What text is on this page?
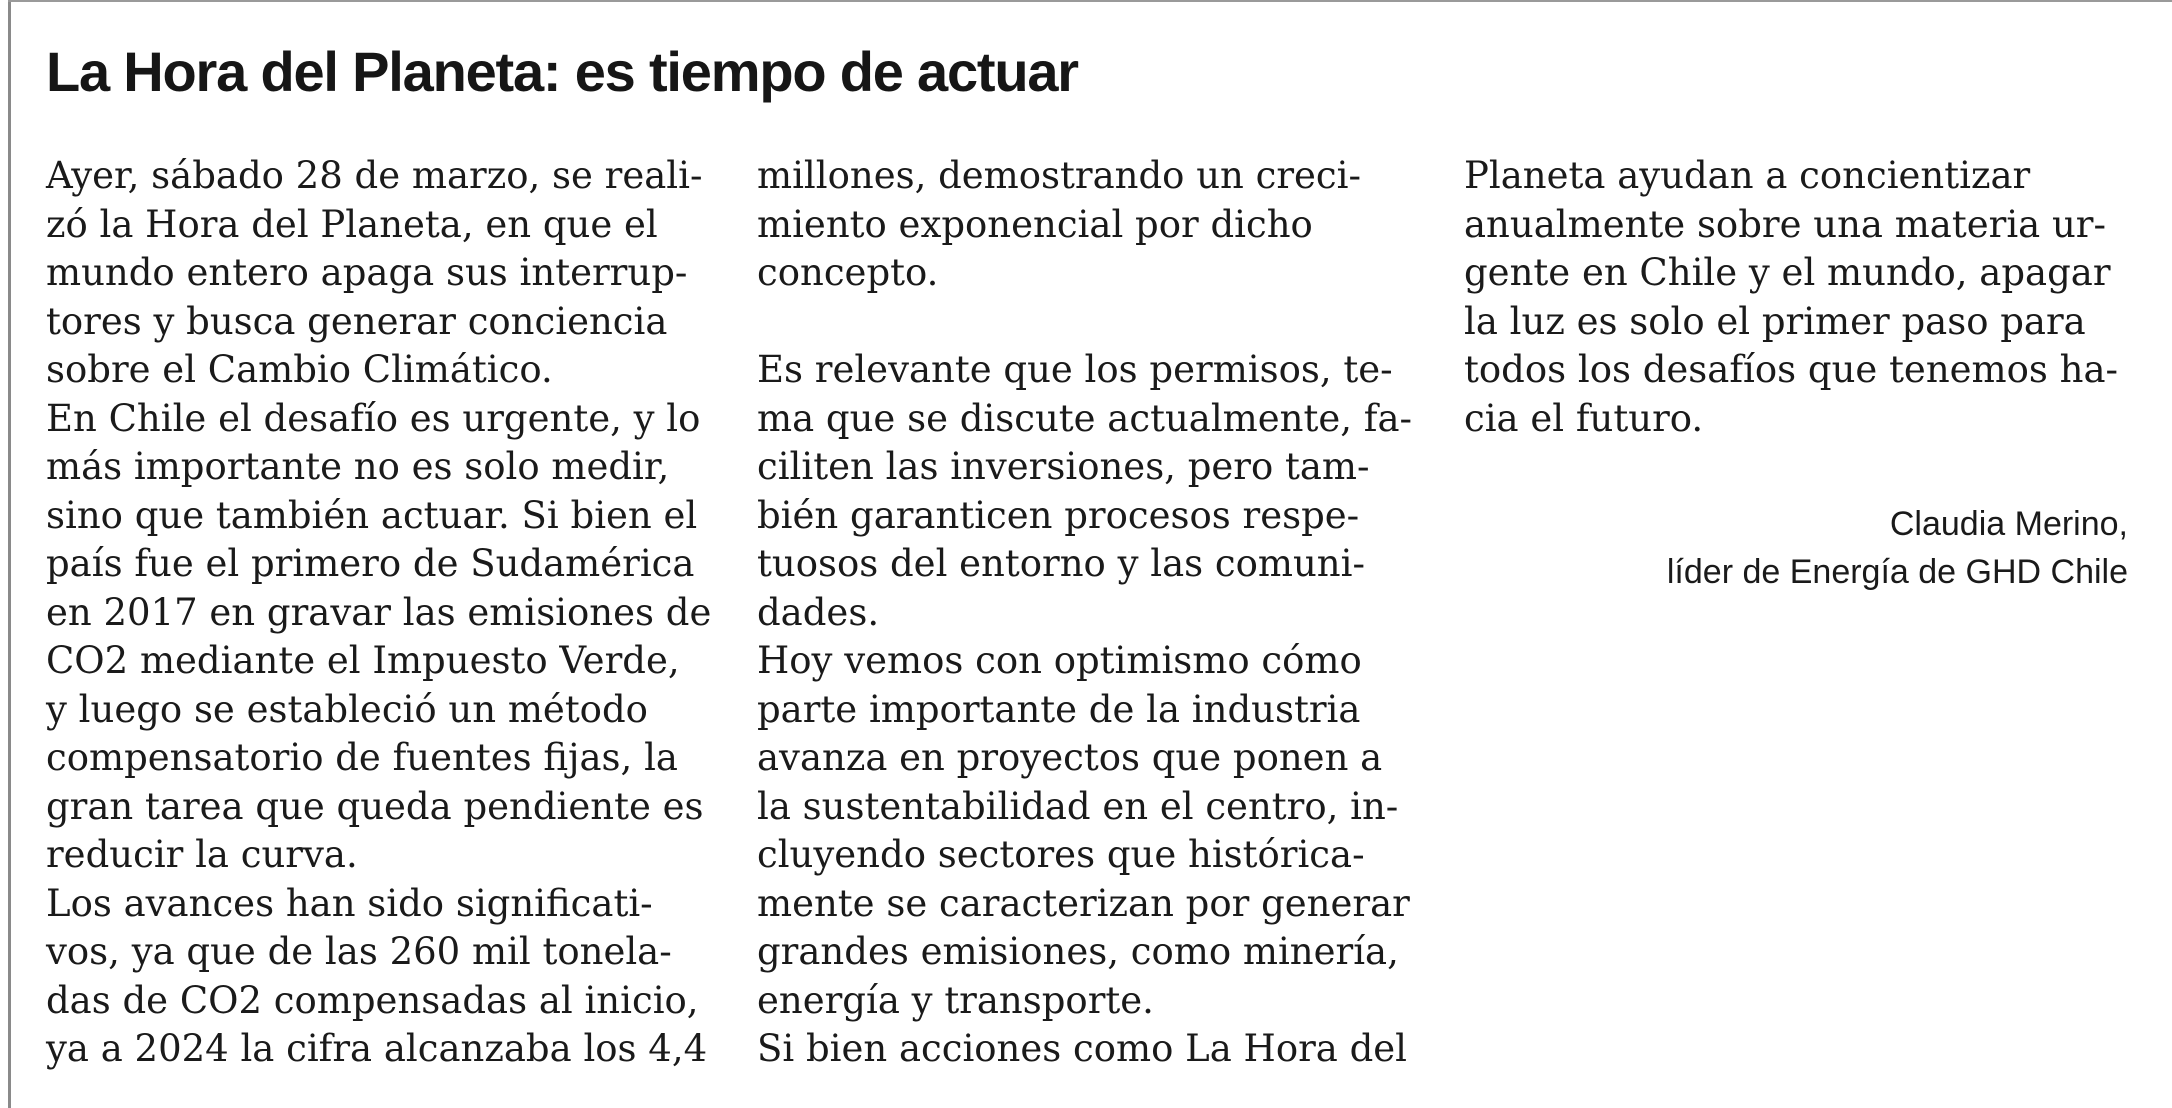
La Hora del Planeta: es tiempo de actuar
Ayer, sábado 28 de marzo, se reali-
zó la Hora del Planeta, en que el
mundo entero apaga sus interrup-
tores y busca generar conciencia
sobre el Cambio Climático.
En Chile el desafío es urgente, y lo
más importante no es solo medir,
sino que también actuar. Si bien el
país fue el primero de Sudamérica
en 2017 en gravar las emisiones de
CO2 mediante el Impuesto Verde,
y luego se estableció un método
compensatorio de fuentes fijas, la
gran tarea que queda pendiente es
reducir la curva.
Los avances han sido significati-
vos, ya que de las 260 mil tonela-
das de CO2 compensadas al inicio,
ya a 2024 la cifra alcanzaba los 4,4
millones, demostrando un creci-
miento exponencial por dicho
concepto.
Es relevante que los permisos, te-
ma que se discute actualmente, fa-
ciliten las inversiones, pero tam-
bién garanticen procesos respe-
tuosos del entorno y las comuni-
dades.
Hoy vemos con optimismo cómo
parte importante de la industria
avanza en proyectos que ponen a
la sustentabilidad en el centro, in-
cluyendo sectores que históricа-
mente se caracterizan por generar
grandes emisiones, como minería,
energía y transporte.
Si bien acciones como La Hora del
Planeta ayudan a concientizar
anualmente sobre una materia ur-
gente en Chile y el mundo, apagar
la luz es solo el primer paso para
todos los desafíos que tenemos ha-
cia el futuro.
Claudia Merino,
líder de Energía de GHD Chile
